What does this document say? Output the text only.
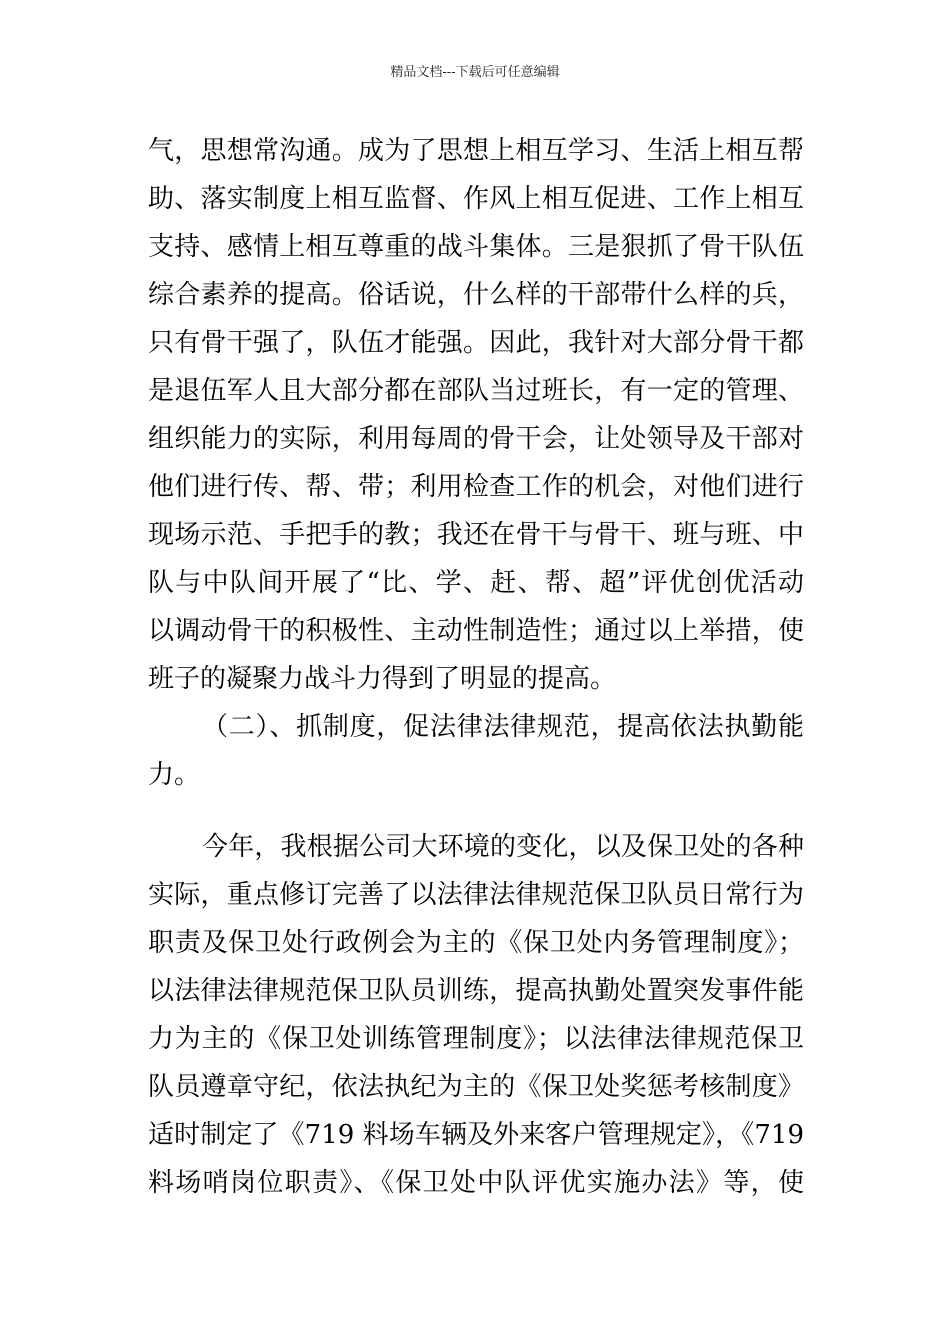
精品文档---下载后可任意编辑
气，思想常沟通。成为了思想上相互学习、生活上相互帮
助、落实制度上相互监督、作风上相互促进、工作上相互
支持、感情上相互尊重的战斗集体。三是狠抓了骨干队伍
综合素养的提高。俗话说，什么样的干部带什么样的兵，
只有骨干强了，队伍才能强。因此，我针对大部分骨干都
是退伍军人且大部分都在部队当过班长，有一定的管理、
组织能力的实际，利用每周的骨干会，让处领导及干部对
他们进行传、帮、带；利用检查工作的机会，对他们进行
现场示范、手把手的教；我还在骨干与骨干、班与班、中
队与中队间开展了“比、学、赶、帮、超”评优创优活动
以调动骨干的积极性、主动性制造性；通过以上举措，使
班子的凝聚力战斗力得到了明显的提高。
（二）、抓制度，促法律法律规范，提高依法执勤能
力。
今年，我根据公司大环境的变化，以及保卫处的各种
实际，重点修订完善了以法律法律规范保卫队员日常行为
职责及保卫处行政例会为主的《保卫处内务管理制度》；
以法律法律规范保卫队员训练，提高执勤处置突发事件能
力为主的《保卫处训练管理制度》；以法律法律规范保卫
队员遵章守纪，依法执纪为主的《保卫处奖惩考核制度》
适时制定了《719 料场车辆及外来客户管理规定》，《719
料场哨岗位职责》、《保卫处中队评优实施办法》等，使
